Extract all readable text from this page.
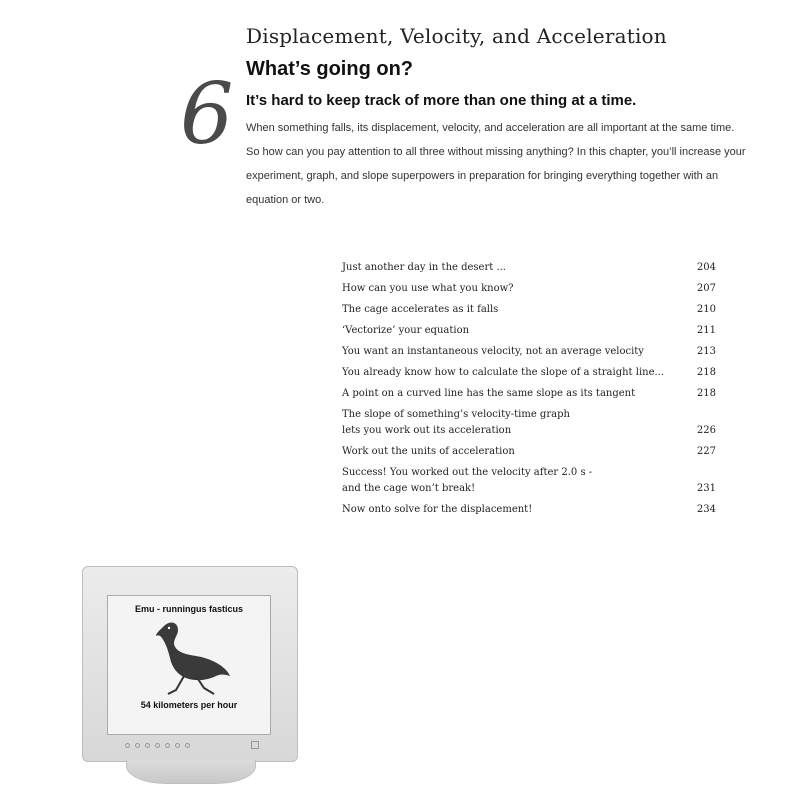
6
Displacement, Velocity, and Acceleration
What’s going on?
It’s hard to keep track of more than one thing at a time.
When something falls, its displacement, velocity, and acceleration are all important at the same time. So how can you pay attention to all three without missing anything? In this chapter, you’ll increase your experiment, graph, and slope superpowers in preparation for bringing everything together with an equation or two.
Just another day in the desert ...	204
How can you use what you know?	207
The cage accelerates as it falls	210
‘Vectorize’ your equation	211
You want an instantaneous velocity, not an average velocity	213
You already know how to calculate the slope of a straight line...	218
A point on a curved line has the same slope as its tangent	218
The slope of something’s velocity-time graph
lets you work out its acceleration	226
Work out the units of acceleration	227
Success! You worked out the velocity after 2.0 s -
and the cage won’t break!	231
Now onto solve for the displacement!	234
Emu - runningus fasticus
54 kilometers per hour
